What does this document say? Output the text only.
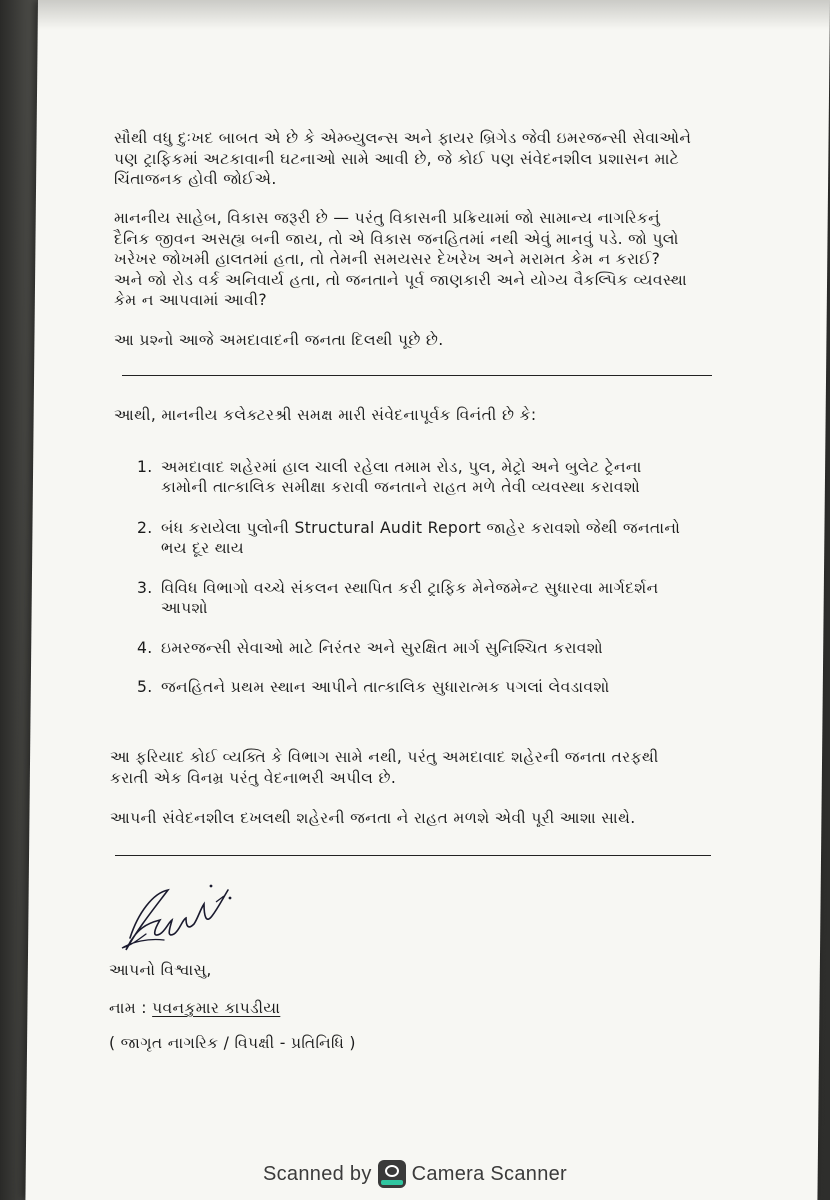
સૌથી વધુ દુઃખદ બાબત એ છે કે એમ્બ્યુલન્સ અને ફાયર બ્રિગેડ જેવી ઇમરજન્સી સેવાઓને
પણ ટ્રાફિકમાં અટકાવાની ઘટનાઓ સામે આવી છે, જે કોઈ પણ સંવેદનશીલ પ્રશાસન માટે
ચિંતાજનક હોવી જોઈએ.

માનનીય સાહેબ, વિકાસ જરૂરી છે — પરંતુ વિકાસની પ્રક્રિયામાં જો સામાન્ય નાગરિકનું
દૈનિક જીવન અસહ્ય બની જાય, તો એ વિકાસ જનહિતમાં નથી એવું માનવું પડે. જો પુલો
ખરેખર જોખમી હાલતમાં હતા, તો તેમની સમયસર દેખરેખ અને મરામત કેમ ન કરાઈ?
અને જો રોડ વર્ક અનિવાર્ય હતા, તો જનતાને પૂર્વ જાણકારી અને યોગ્ય વૈકલ્પિક વ્યવસ્થા
કેમ ન આપવામાં આવી?

આ પ્રશ્નો આજે અમદાવાદની જનતા દિલથી પૂછે છે.

આથી, માનનીય કલેક્ટરશ્રી સમક્ષ મારી સંવેદનાપૂર્વક વિનંતી છે કે:

1. અમદાવાદ શહેરમાં હાલ ચાલી રહેલા તમામ રોડ, પુલ, મેટ્રો અને બુલેટ ટ્રેનના
કામોની તાત્કાલિક સમીક્ષા કરાવી જનતાને રાહત મળે તેવી વ્યવસ્થા કરાવશો
2. બંધ કરાયેલા પુલોની Structural Audit Report જાહેર કરાવશો જેથી જનતાનો
ભય દૂર થાય
3. વિવિધ વિભાગો વચ્ચે સંકલન સ્થાપિત કરી ટ્રાફિક મેનેજમેન્ટ સુધારવા માર્ગદર્શન
આપશો
4. ઇમરજન્સી સેવાઓ માટે નિરંતર અને સુરક્ષિત માર્ગ સુનિશ્ચિત કરાવશો
5. જનહિતને પ્રથમ સ્થાન આપીને તાત્કાલિક સુધારાત્મક પગલાં લેવડાવશો

આ ફરિયાદ કોઈ વ્યક્તિ કે વિભાગ સામે નથી, પરંતુ અમદાવાદ શહેરની જનતા તરફથી
કરાતી એક વિનમ્ર પરંતુ વેદનાભરી અપીલ છે.

આપની સંવેદનશીલ દખલથી શહેરની જનતા ને રાહત મળશે એવી પૂરી આશા સાથે.

આપનો વિશ્વાસુ,
નામ : પવનકુમાર કાપડીયા
( જાગૃત નાગરિક / વિપક્ષી - પ્રતિનિધિ )
Scanned by Camera Scanner
